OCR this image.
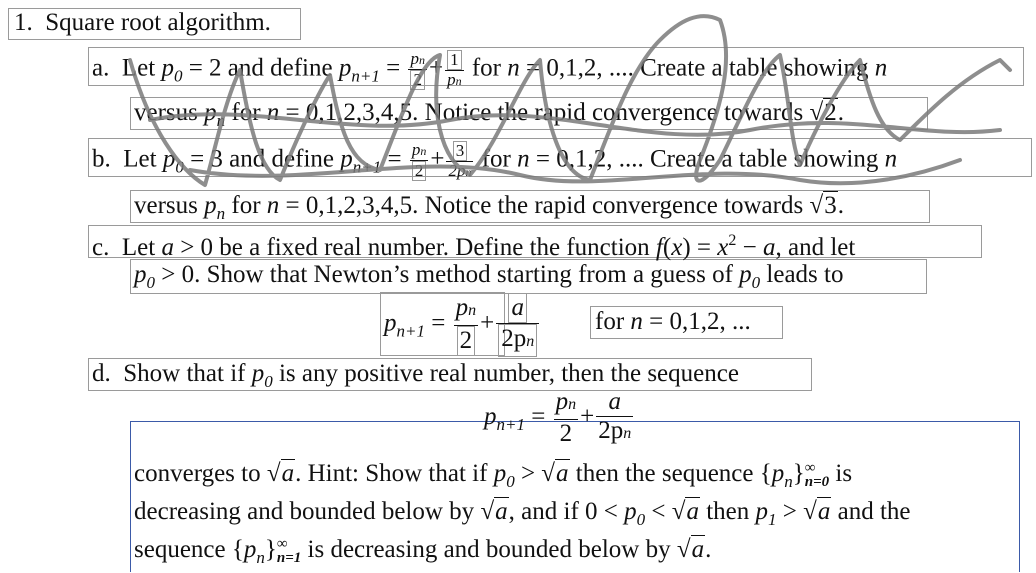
1. Square root algorithm.
a. Let $p_0 = 2$ and define $p_{n+1} = \frac{pn}{2} + \frac{1}{pn}$ for n = 0,1,2, .... Create a table showing n
versus $p_n$ for n = 0,1,2,3,4,5. Notice the rapid convergence towards √2.
b. Let $p_0 = 3$ and define $p_{n+1} = \frac{pn}{2} + \frac{3}{2pn}$ for n = 0,1,2, .... Create a table showing n
versus $p_n$ for n = 0,1,2,3,4,5. Notice the rapid convergence towards √3.
c. Let a > 0 be a fixed real number. Define the function $f(x) = x^2 - a$, and let
$p_0 > 0$. Show that Newton’s method starting from a guess of $p_0$ leads to
$p_{n+1} = \frac{pn}{2} + \frac{a}{2pn}$ for n = 0,1,2, ...
d. Show that if $p_0$ is any positive real number, then the sequence
$p_{n+1} = \frac{pn}{2} + \frac{a}{2pn}$
converges to √a. Hint: Show that if $p_0 > √a$ then the sequence $\{p_n\}$ ∞
n=0 is
decreasing and bounded below by √a, and if $0 < p_0 < √a$ then $p_1 > √a$ and the
sequence $\{p_n\}$ ∞
n=1 is decreasing and bounded below by √a.
